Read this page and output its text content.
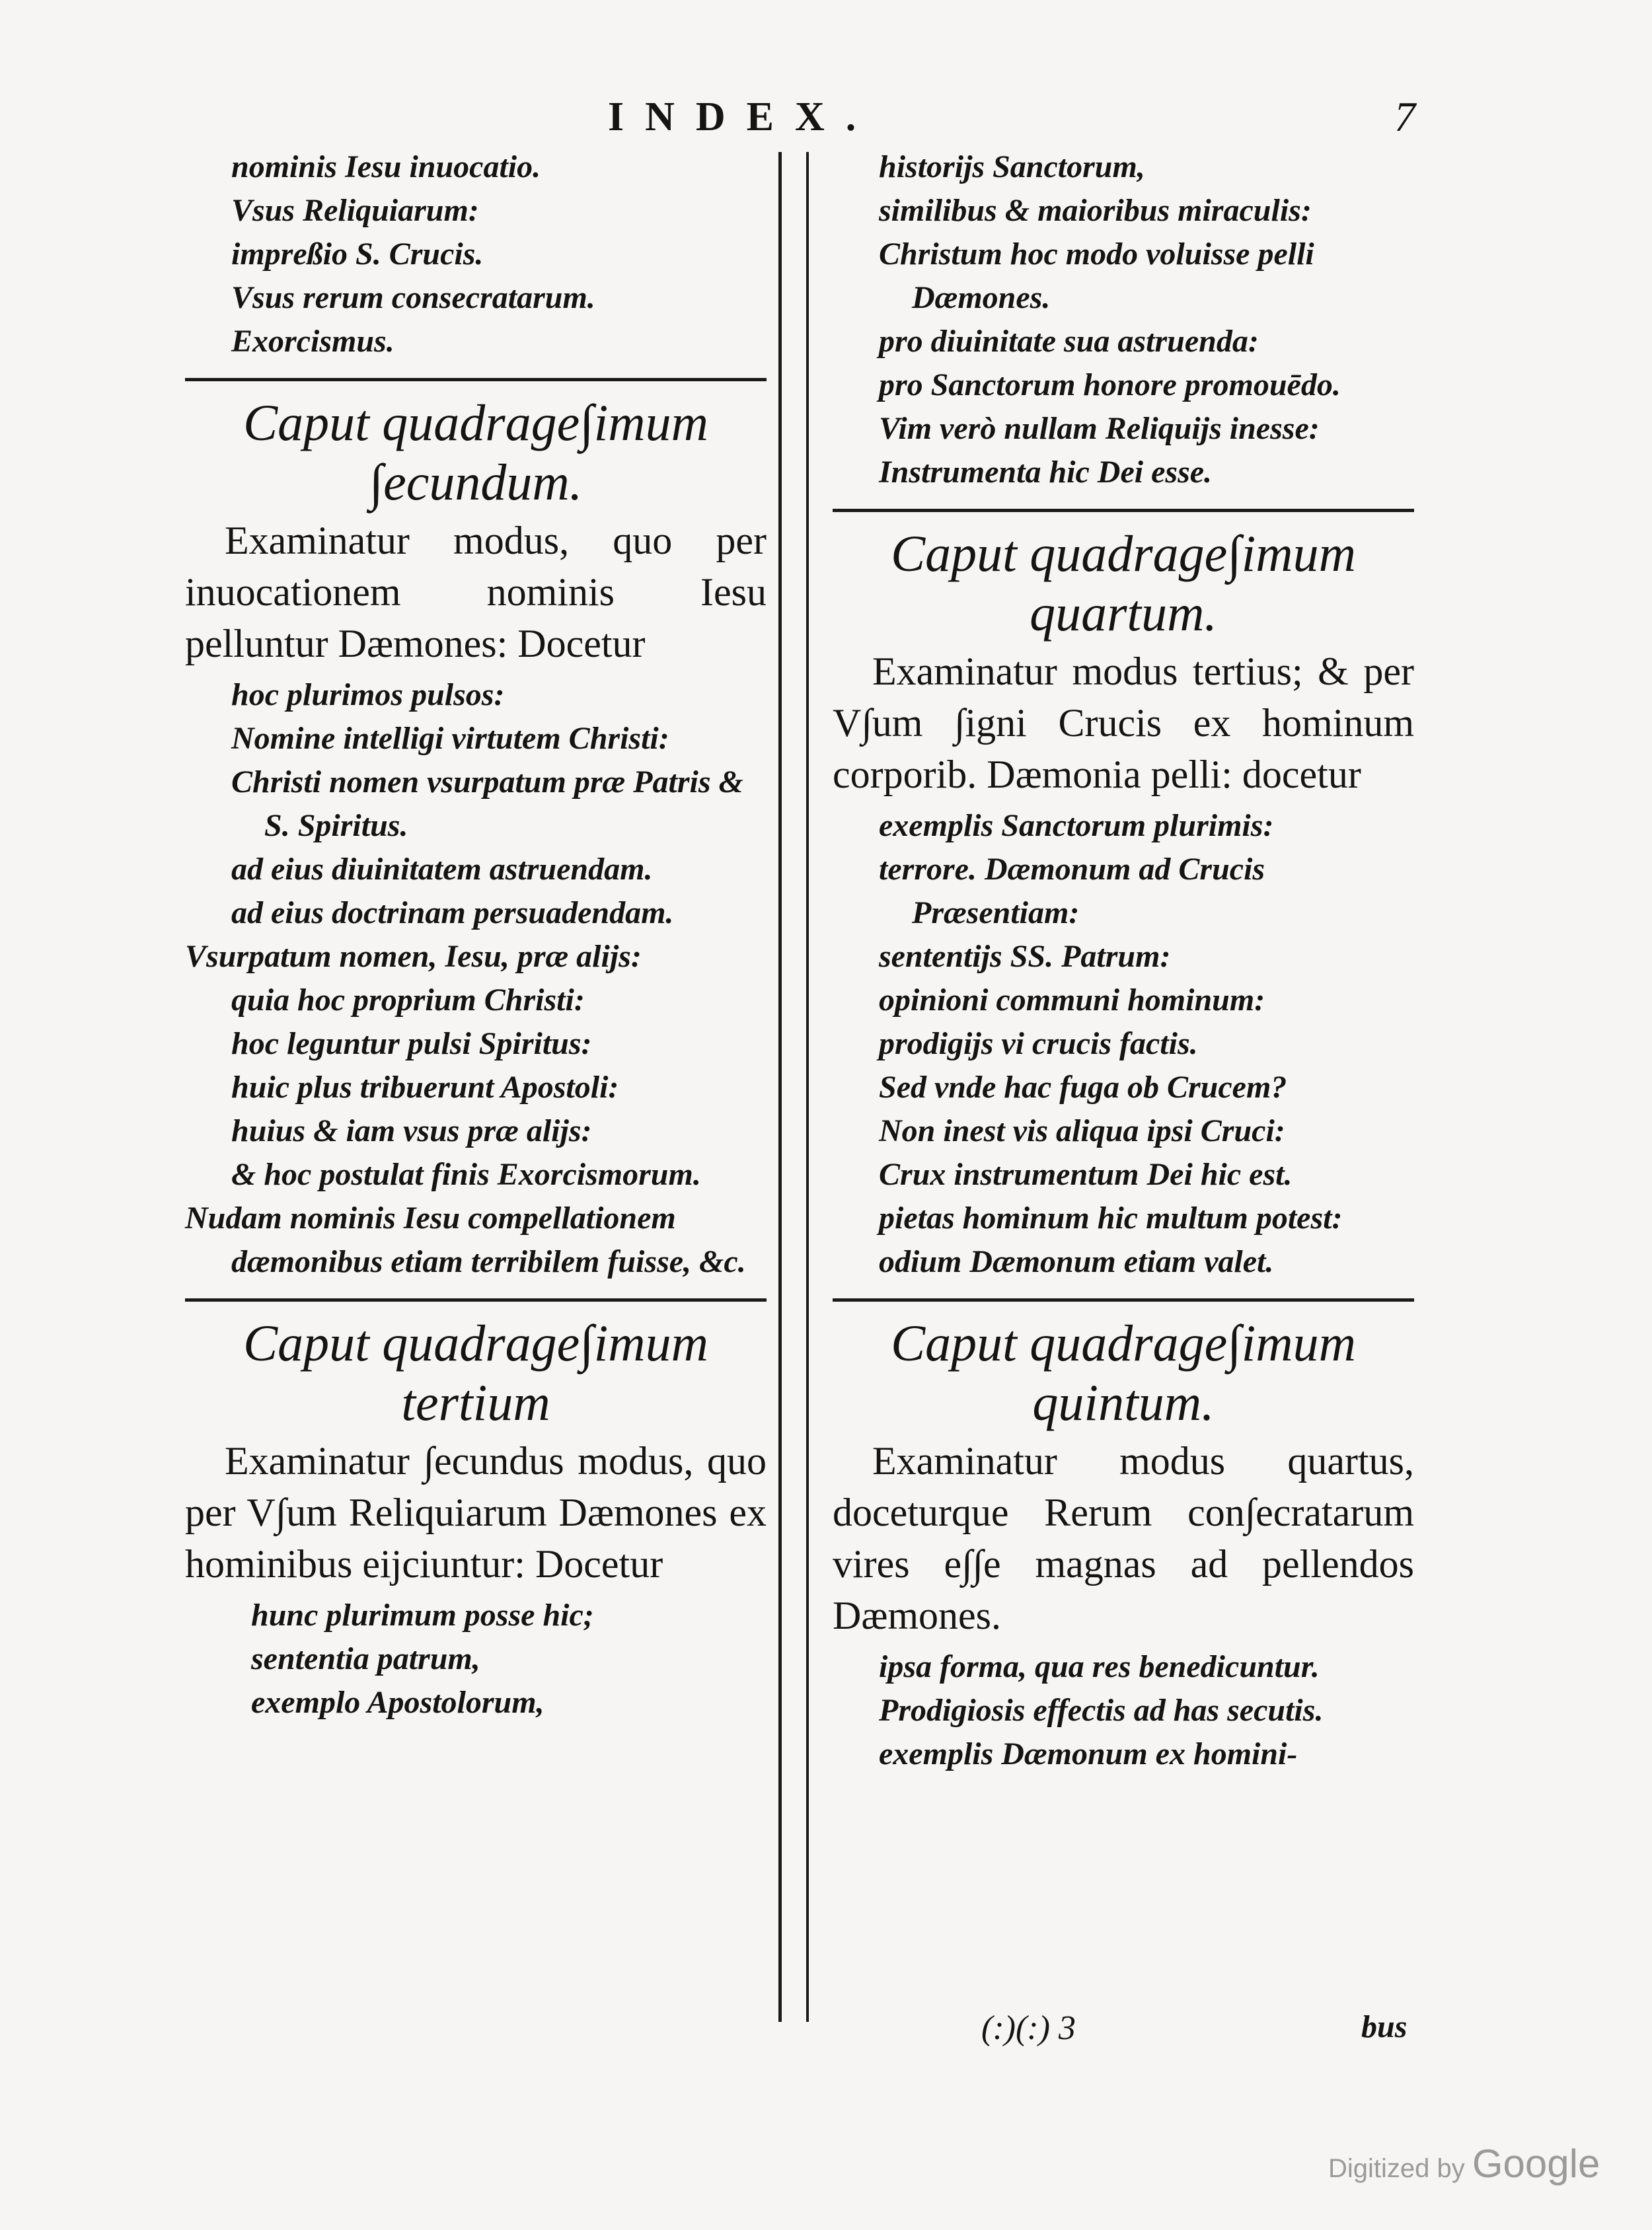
INDEX.	7

nominis Iesu inuocatio.

Vsus Reliquiarum:

impreßio S. Crucis.

Vsus rerum consecratarum.

Exorcismus.

Caput quadrage∫imum
∫ecundum.

Examinatur modus, quo per inuocationem nominis Iesu pelluntur Dæmones: Docetur

hoc plurimos pulsos:

Nomine intelligi virtutem Christi:

Christi nomen vsurpatum præ Patris & S. Spiritus.

ad eius diuinitatem astruendam.

ad eius doctrinam persuadendam.

Vsurpatum nomen, Iesu, præ alijs:

quia hoc proprium Christi:

hoc leguntur pulsi Spiritus:

huic plus tribuerunt Apostoli:

huius & iam vsus præ alijs:

& hoc postulat finis Exorcismorum.

Nudam nominis Iesu compellationem dæmonibus etiam terribilem fuisse, &c.

Caput quadrage∫imum
tertium

Examinatur ∫ecundus modus, quo per V∫um Reliquiarum Dæmones ex hominibus eijciuntur: Docetur

hunc plurimum posse hic;

sententia patrum,

exemplo Apostolorum,

historijs Sanctorum,

similibus & maioribus miraculis:

Christum hoc modo voluisse pelli Dæmones.

pro diuinitate sua astruenda:

pro Sanctorum honore promouēdo.

Vim verò nullam Reliquijs inesse:

Instrumenta hic Dei esse.

Caput quadrage∫imum
quartum.

Examinatur modus tertius; & per V∫um ∫igni Crucis ex hominum corporib. Dæmonia pelli: docetur

exemplis Sanctorum plurimis:

terrore. Dæmonum ad Crucis Præsentiam:

sententijs SS. Patrum:

opinioni communi hominum:

prodigijs vi crucis factis.

Sed vnde hac fuga ob Crucem?

Non inest vis aliqua ipsi Cruci:

Crux instrumentum Dei hic est.

pietas hominum hic multum potest:

odium Dæmonum etiam valet.

Caput quadrage∫imum
quintum.

Examinatur modus quartus, doceturque Rerum con∫ecratarum vires e∫∫e magnas ad pellendos Dæmones.

ipsa forma, qua res benedicuntur.

Prodigiosis effectis ad has secutis.

exemplis Dæmonum ex homini-

(:)(:) 3	bus
Digitized by Google
